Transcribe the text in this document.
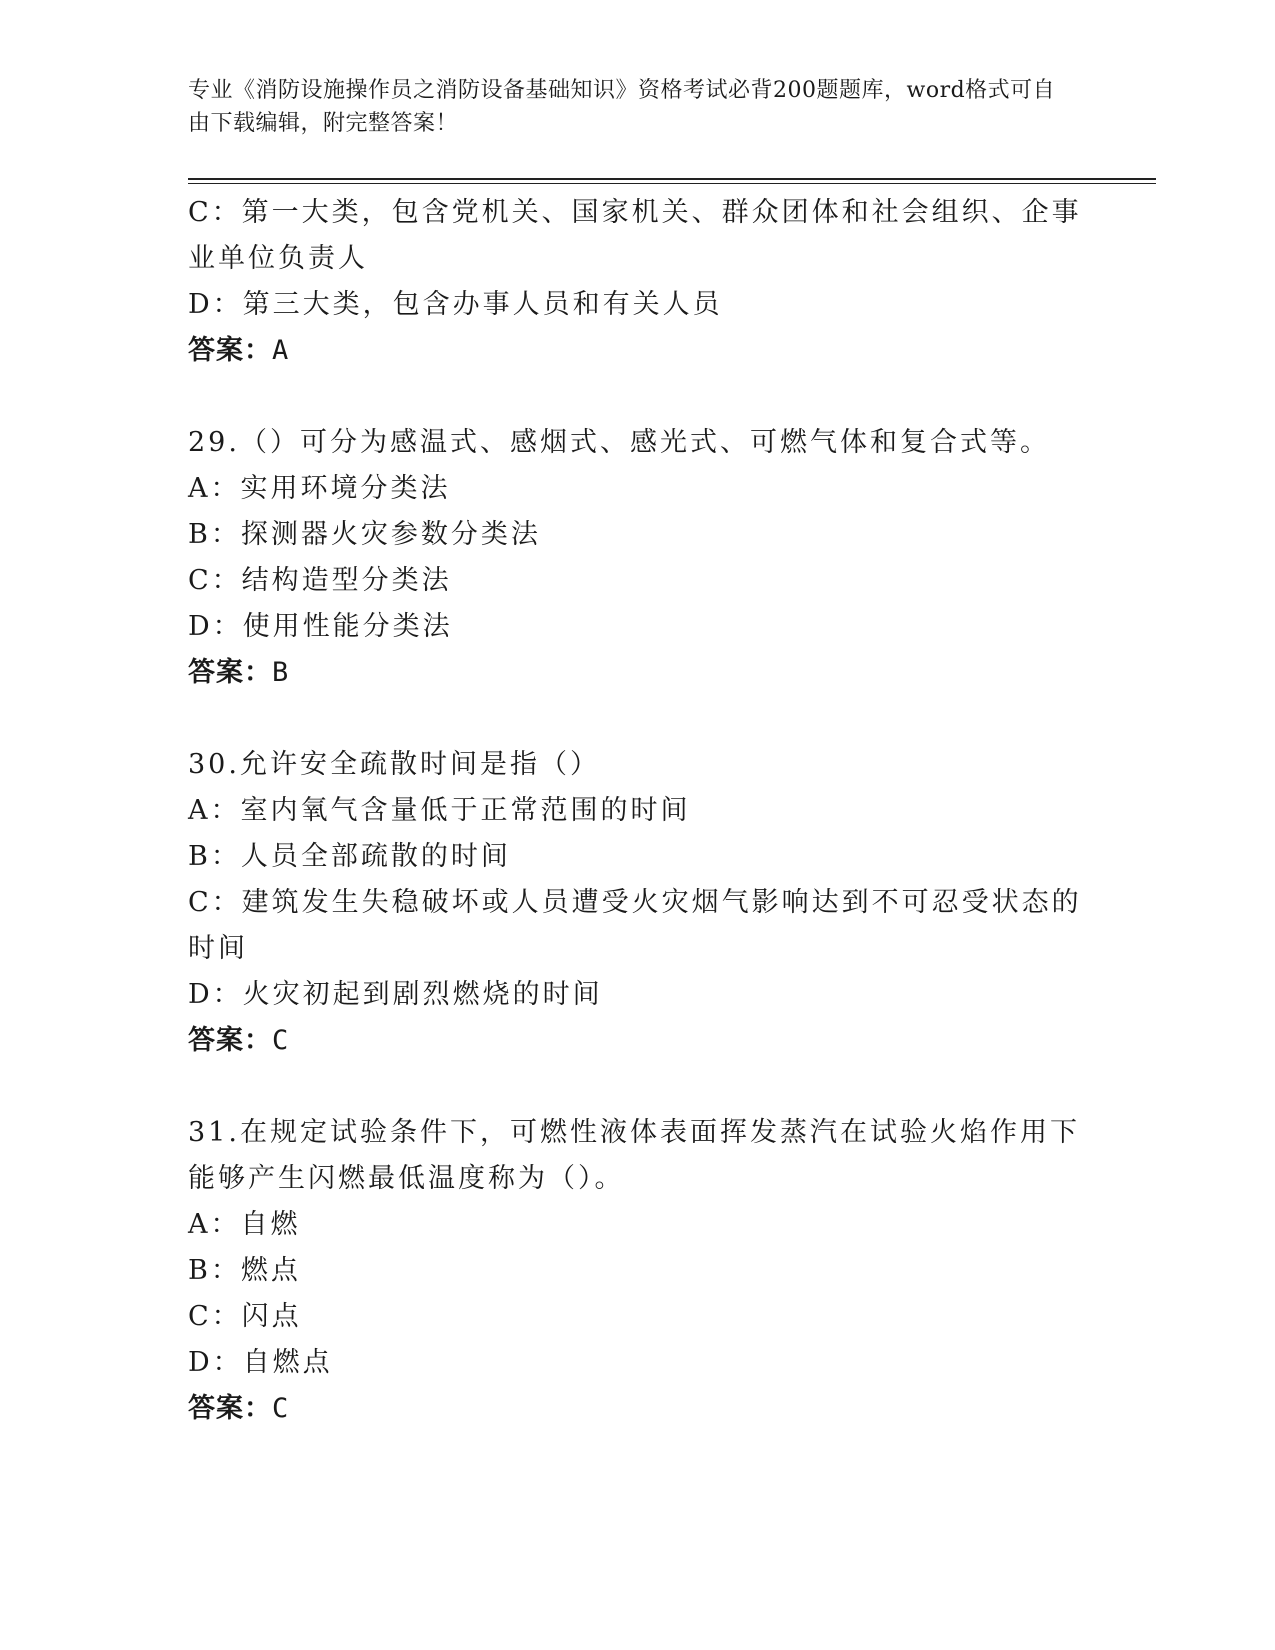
专业《消防设施操作员之消防设备基础知识》资格考试必背200题题库，word格式可自由下载编辑，附完整答案！
C：第一大类，包含党机关、国家机关、群众团体和社会组织、企事业单位负责人
D：第三大类，包含办事人员和有关人员
答案：A
29.（）可分为感温式、感烟式、感光式、可燃气体和复合式等。
A：实用环境分类法
B：探测器火灾参数分类法
C：结构造型分类法
D：使用性能分类法
答案：B
30.允许安全疏散时间是指（）
A：室内氧气含量低于正常范围的时间
B：人员全部疏散的时间
C：建筑发生失稳破坏或人员遭受火灾烟气影响达到不可忍受状态的时间
D：火灾初起到剧烈燃烧的时间
答案：C
31.在规定试验条件下，可燃性液体表面挥发蒸汽在试验火焰作用下能够产生闪燃最低温度称为（）。
A：自燃
B：燃点
C：闪点
D：自燃点
答案：C
